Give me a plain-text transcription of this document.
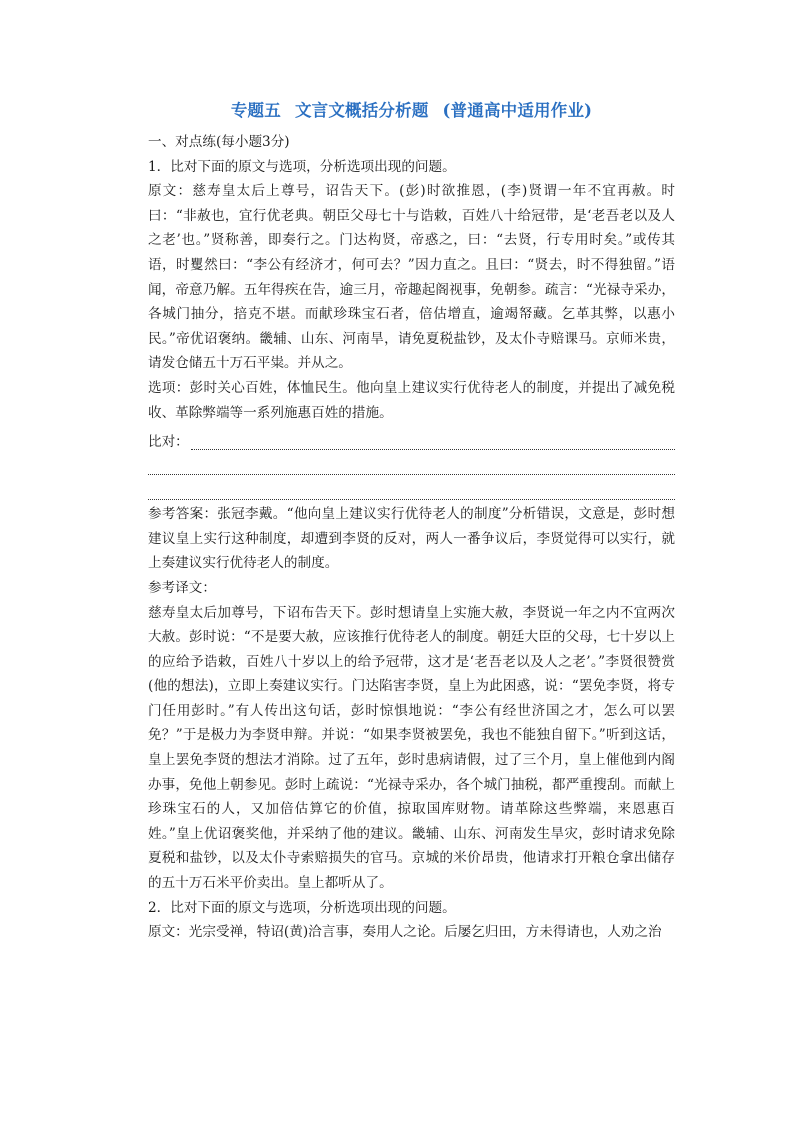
专题五 文言文概括分析题 (普通高中适用作业)

一、对点练(每小题3分)

1．比对下面的原文与选项，分析选项出现的问题。

原文：慈寿皇太后上尊号，诏告天下。(彭)时欲推恩，(李)贤谓一年不宜再赦。时曰：“非赦也，宜行优老典。朝臣父母七十与诰敕，百姓八十给冠带，是‘老吾老以及人之老’也。”贤称善，即奏行之。门达构贤，帝惑之，曰：“去贤，行专用时矣。”或传其语，时矍然曰：“李公有经济才，何可去？”因力直之。且曰：“贤去，时不得独留。”语闻，帝意乃解。五年得疾在告，逾三月，帝趣起阁视事，免朝参。疏言：“光禄寺采办，各城门抽分，掊克不堪。而献珍珠宝石者，倍估增直，逾竭帑藏。乞革其弊，以惠小民。”帝优诏褒纳。畿辅、山东、河南旱，请免夏税盐钞，及太仆寺赔课马。京师米贵，请发仓储五十万石平粜。并从之。

选项：彭时关心百姓，体恤民生。他向皇上建议实行优待老人的制度，并提出了减免税收、革除弊端等一系列施惠百姓的措施。

比对：

参考答案：张冠李戴。“他向皇上建议实行优待老人的制度”分析错误，文意是，彭时想建议皇上实行这种制度，却遭到李贤的反对，两人一番争议后，李贤觉得可以实行，就上奏建议实行优待老人的制度。

参考译文：

慈寿皇太后加尊号，下诏布告天下。彭时想请皇上实施大赦，李贤说一年之内不宜两次大赦。彭时说：“不是要大赦，应该推行优待老人的制度。朝廷大臣的父母，七十岁以上的应给予诰敕，百姓八十岁以上的给予冠带，这才是‘老吾老以及人之老’。”李贤很赞赏(他的想法)，立即上奏建议实行。门达陷害李贤，皇上为此困惑，说：“罢免李贤，将专门任用彭时。”有人传出这句话，彭时惊惧地说：“李公有经世济国之才，怎么可以罢免？”于是极力为李贤申辩。并说：“如果李贤被罢免，我也不能独自留下。”听到这话，皇上罢免李贤的想法才消除。过了五年，彭时患病请假，过了三个月，皇上催他到内阁办事，免他上朝参见。彭时上疏说：“光禄寺采办，各个城门抽税，都严重搜刮。而献上珍珠宝石的人，又加倍估算它的价值，掠取国库财物。请革除这些弊端，来恩惠百姓。”皇上优诏褒奖他，并采纳了他的建议。畿辅、山东、河南发生旱灾，彭时请求免除夏税和盐钞，以及太仆寺索赔损失的官马。京城的米价昂贵，他请求打开粮仓拿出储存的五十万石米平价卖出。皇上都听从了。

2．比对下面的原文与选项，分析选项出现的问题。

原文：光宗受禅，特诏(黄)洽言事，奏用人之论。后屡乞归田，方未得请也，人劝之治
